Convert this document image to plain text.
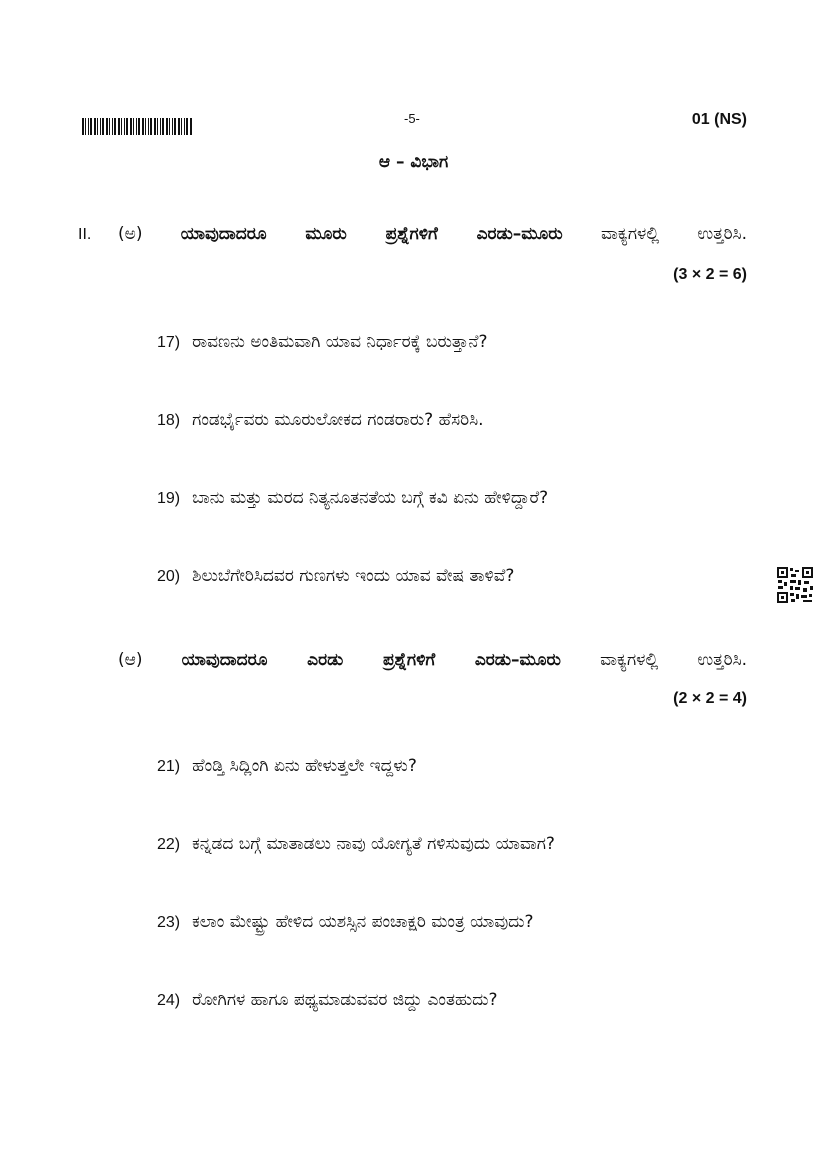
-5-	01 (NS)
ಆ – ವಿಭಾಗ
II. (ಅ) ಯಾವುದಾದರೂ ಮೂರು ಪ್ರಶ್ನೆಗಳಿಗೆ ಎರಡು–ಮೂರು ವಾಕ್ಯಗಳಲ್ಲಿ ಉತ್ತರಿಸಿ.
(3 × 2 = 6)
17) ರಾವಣನು ಅಂತಿಮವಾಗಿ ಯಾವ ನಿರ್ಧಾರಕ್ಕೆ ಬರುತ್ತಾನೆ?
18) ಗಂಡರ್ಭೈವರು ಮೂರುಲೋಕದ ಗಂಡರಾರು? ಹೆಸರಿಸಿ.
19) ಬಾನು ಮತ್ತು ಮರದ ನಿತ್ಯನೂತನತೆಯ ಬಗ್ಗೆ ಕವಿ ಏನು ಹೇಳಿದ್ದಾರೆ?
20) ಶಿಲುಬೆಗೇರಿಸಿದವರ ಗುಣಗಳು ಇಂದು ಯಾವ ವೇಷ ತಾಳಿವೆ?
(ಆ) ಯಾವುದಾದರೂ ಎರಡು ಪ್ರಶ್ನೆಗಳಿಗೆ ಎರಡು–ಮೂರು ವಾಕ್ಯಗಳಲ್ಲಿ ಉತ್ತರಿಸಿ.
(2 × 2 = 4)
21) ಹೆಂಡ್ತಿ ಸಿದ್ಲಿಂಗಿ ಏನು ಹೇಳುತ್ತಲೇ ಇದ್ದಳು?
22) ಕನ್ನಡದ ಬಗ್ಗೆ ಮಾತಾಡಲು ನಾವು ಯೋಗ್ಯತೆ ಗಳಿಸುವುದು ಯಾವಾಗ?
23) ಕಲಾಂ ಮೇಷ್ಟ್ರು ಹೇಳಿದ ಯಶಸ್ಸಿನ ಪಂಚಾಕ್ಷರಿ ಮಂತ್ರ ಯಾವುದು?
24) ರೋಗಿಗಳ ಹಾಗೂ ಪಥ್ಯಮಾಡುವವರ ಜಿದ್ದು ಎಂತಹುದು?
